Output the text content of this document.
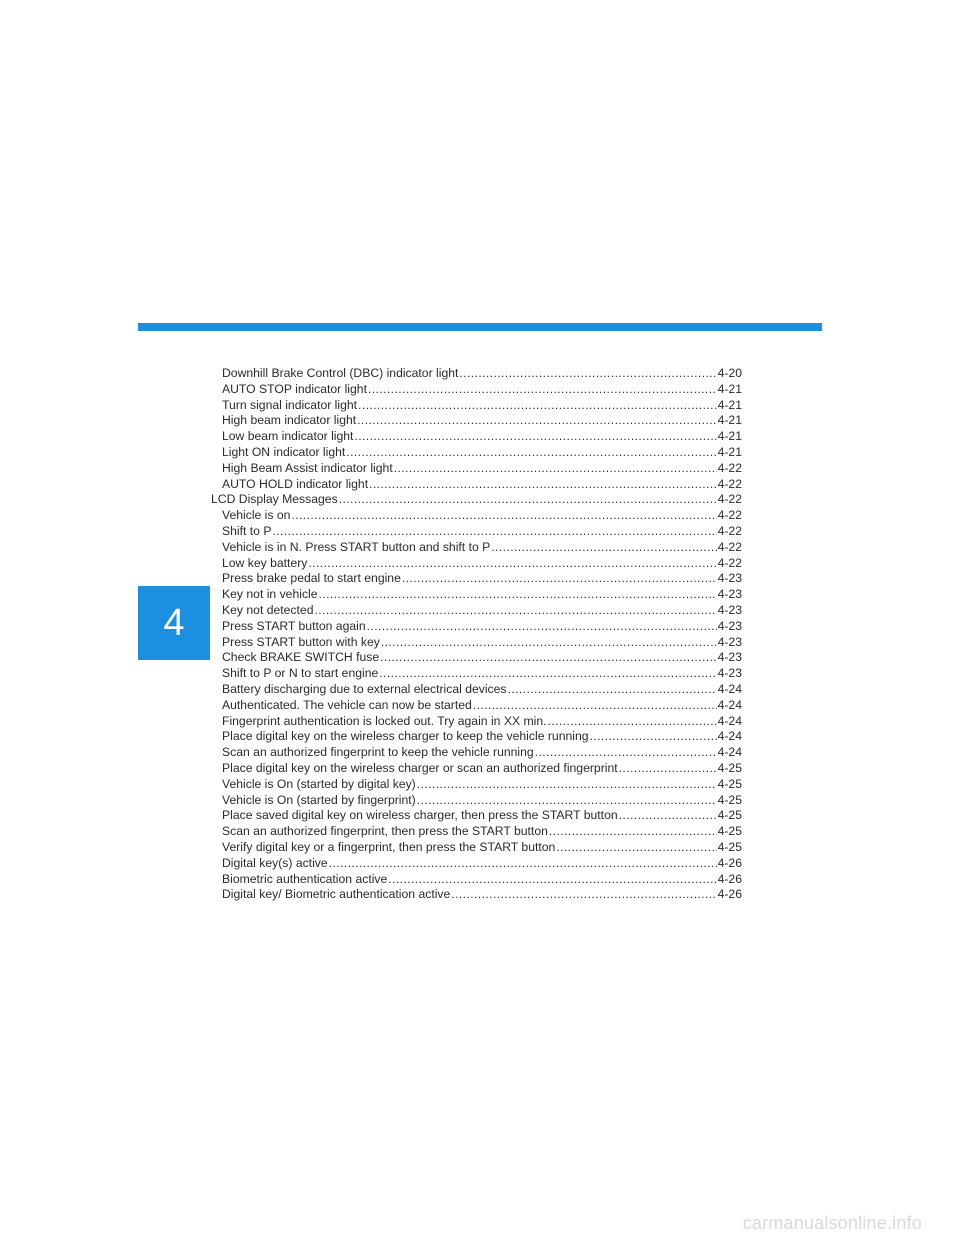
4
Downhill Brake Control (DBC) indicator light .....	4-20
AUTO STOP indicator light .....	4-21
Turn signal indicator light .....	4-21
High beam indicator light .....	4-21
Low beam indicator light .....	4-21
Light ON indicator light .....	4-21
High Beam Assist indicator light .....	4-22
AUTO HOLD indicator light .....	4-22
LCD Display Messages .....	4-22
Vehicle is on .....	4-22
Shift to P .....	4-22
Vehicle is in N. Press START button and shift to P .....	4-22
Low key battery .....	4-22
Press brake pedal to start engine .....	4-23
Key not in vehicle .....	4-23
Key not detected .....	4-23
Press START button again .....	4-23
Press START button with key .....	4-23
Check BRAKE SWITCH fuse .....	4-23
Shift to P or N to start engine .....	4-23
Battery discharging due to external electrical devices .....	4-24
Authenticated. The vehicle can now be started .....	4-24
Fingerprint authentication is locked out. Try again in XX min. .....	4-24
Place digital key on the wireless charger to keep the vehicle running .....	4-24
Scan an authorized fingerprint to keep the vehicle running .....	4-24
Place digital key on the wireless charger or scan an authorized fingerprint .....	4-25
Vehicle is On (started by digital key) .....	4-25
Vehicle is On (started by fingerprint) .....	4-25
Place saved digital key on wireless charger, then press the START button .....	4-25
Scan an authorized fingerprint, then press the START button .....	4-25
Verify digital key or a fingerprint, then press the START button .....	4-25
Digital key(s) active .....	4-26
Biometric authentication active .....	4-26
Digital key/ Biometric authentication active .....	4-26
carmanualsonline.info
